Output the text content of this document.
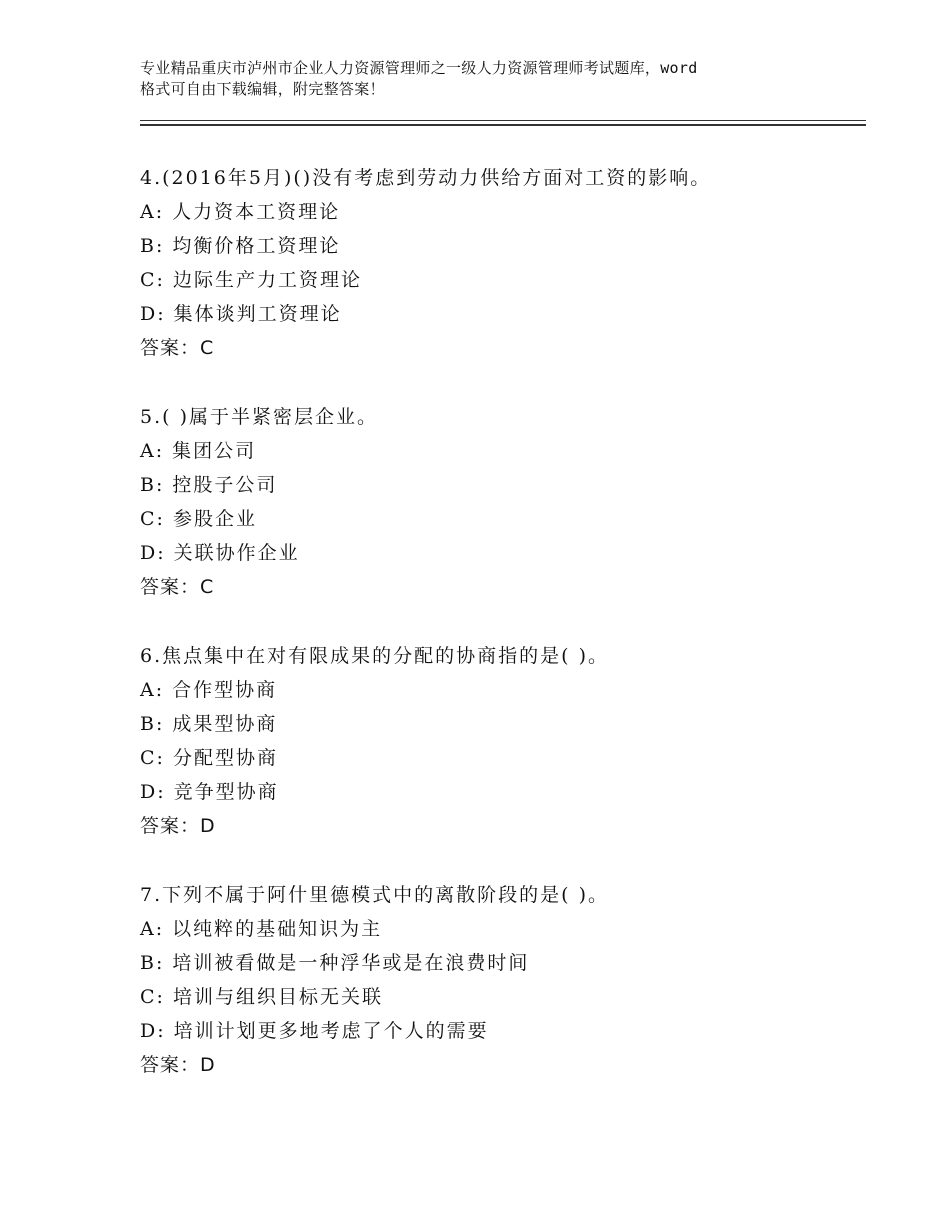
专业精品重庆市泸州市企业人力资源管理师之一级人力资源管理师考试题库，word
格式可自由下载编辑，附完整答案！
4.(2016年5月)()没有考虑到劳动力供给方面对工资的影响。
A: 人力资本工资理论
B: 均衡价格工资理论
C: 边际生产力工资理论
D: 集体谈判工资理论
答案：C
5.( )属于半紧密层企业。
A: 集团公司
B: 控股子公司
C: 参股企业
D: 关联协作企业
答案：C
6.焦点集中在对有限成果的分配的协商指的是( )。
A: 合作型协商
B: 成果型协商
C: 分配型协商
D: 竞争型协商
答案：D
7.下列不属于阿什里德模式中的离散阶段的是( )。
A: 以纯粹的基础知识为主
B: 培训被看做是一种浮华或是在浪费时间
C: 培训与组织目标无关联
D: 培训计划更多地考虑了个人的需要
答案：D
